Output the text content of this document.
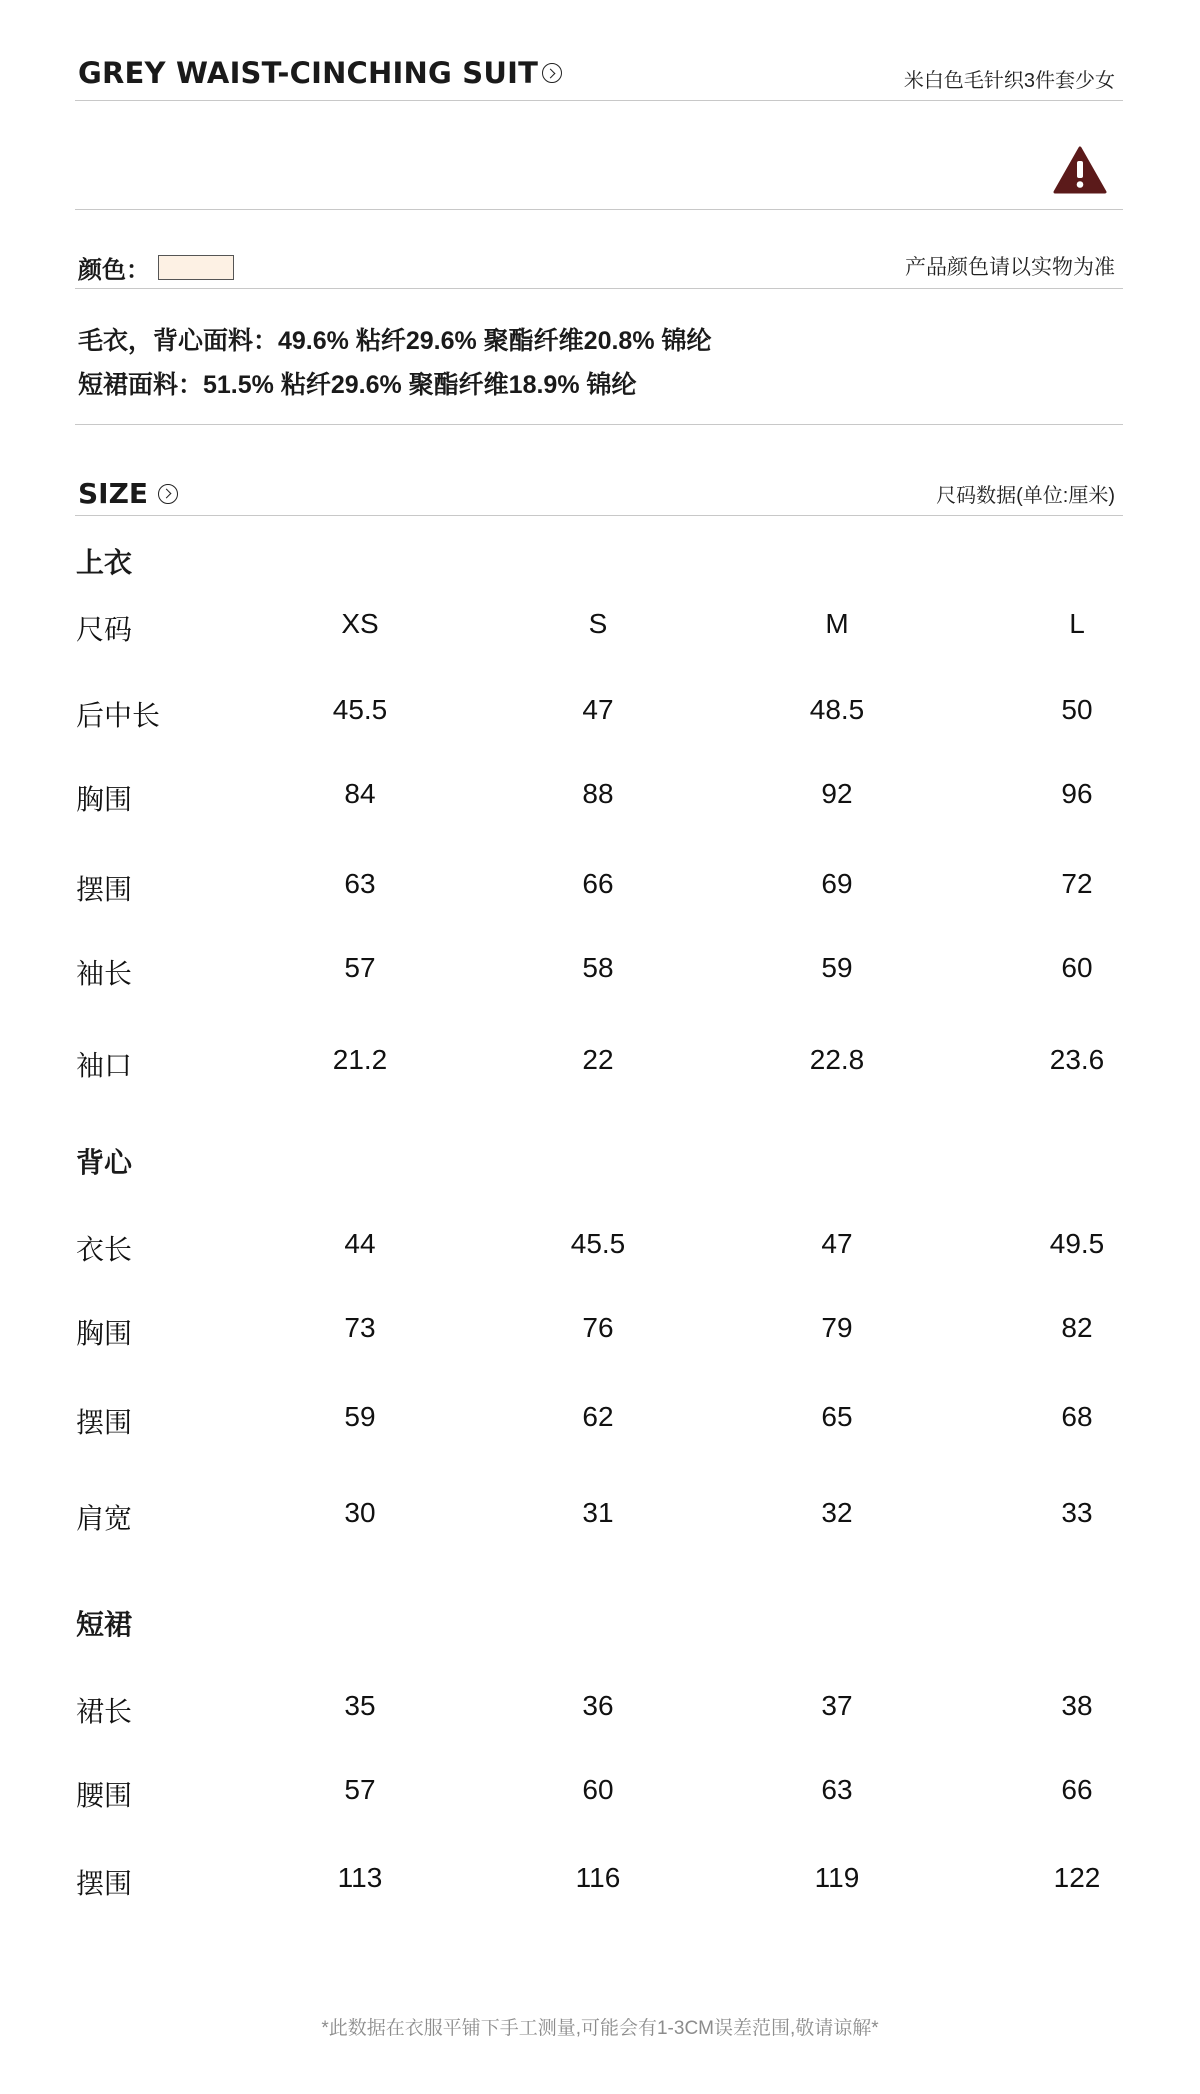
GREY WAIST-CINCHING SUIT	米白色毛针织3件套少女
颜色：	产品颜色请以实物为准
毛衣，背心面料：49.6% 粘纤29.6% 聚酯纤维20.8% 锦纶
短裙面料：51.5% 粘纤29.6% 聚酯纤维18.9% 锦纶
SIZE	尺码数据(单位:厘米)
上衣
尺码	XS	S	M	L
后中长	45.5	47	48.5	50
胸围	84	88	92	96
摆围	63	66	69	72
袖长	57	58	59	60
袖口	21.2	22	22.8	23.6
背心
衣长	44	45.5	47	49.5
胸围	73	76	79	82
摆围	59	62	65	68
肩宽	30	31	32	33
短裙
裙长	35	36	37	38
腰围	57	60	63	66
摆围	113	116	119	122
*此数据在衣服平铺下手工测量,可能会有1-3CM误差范围,敬请谅解*
